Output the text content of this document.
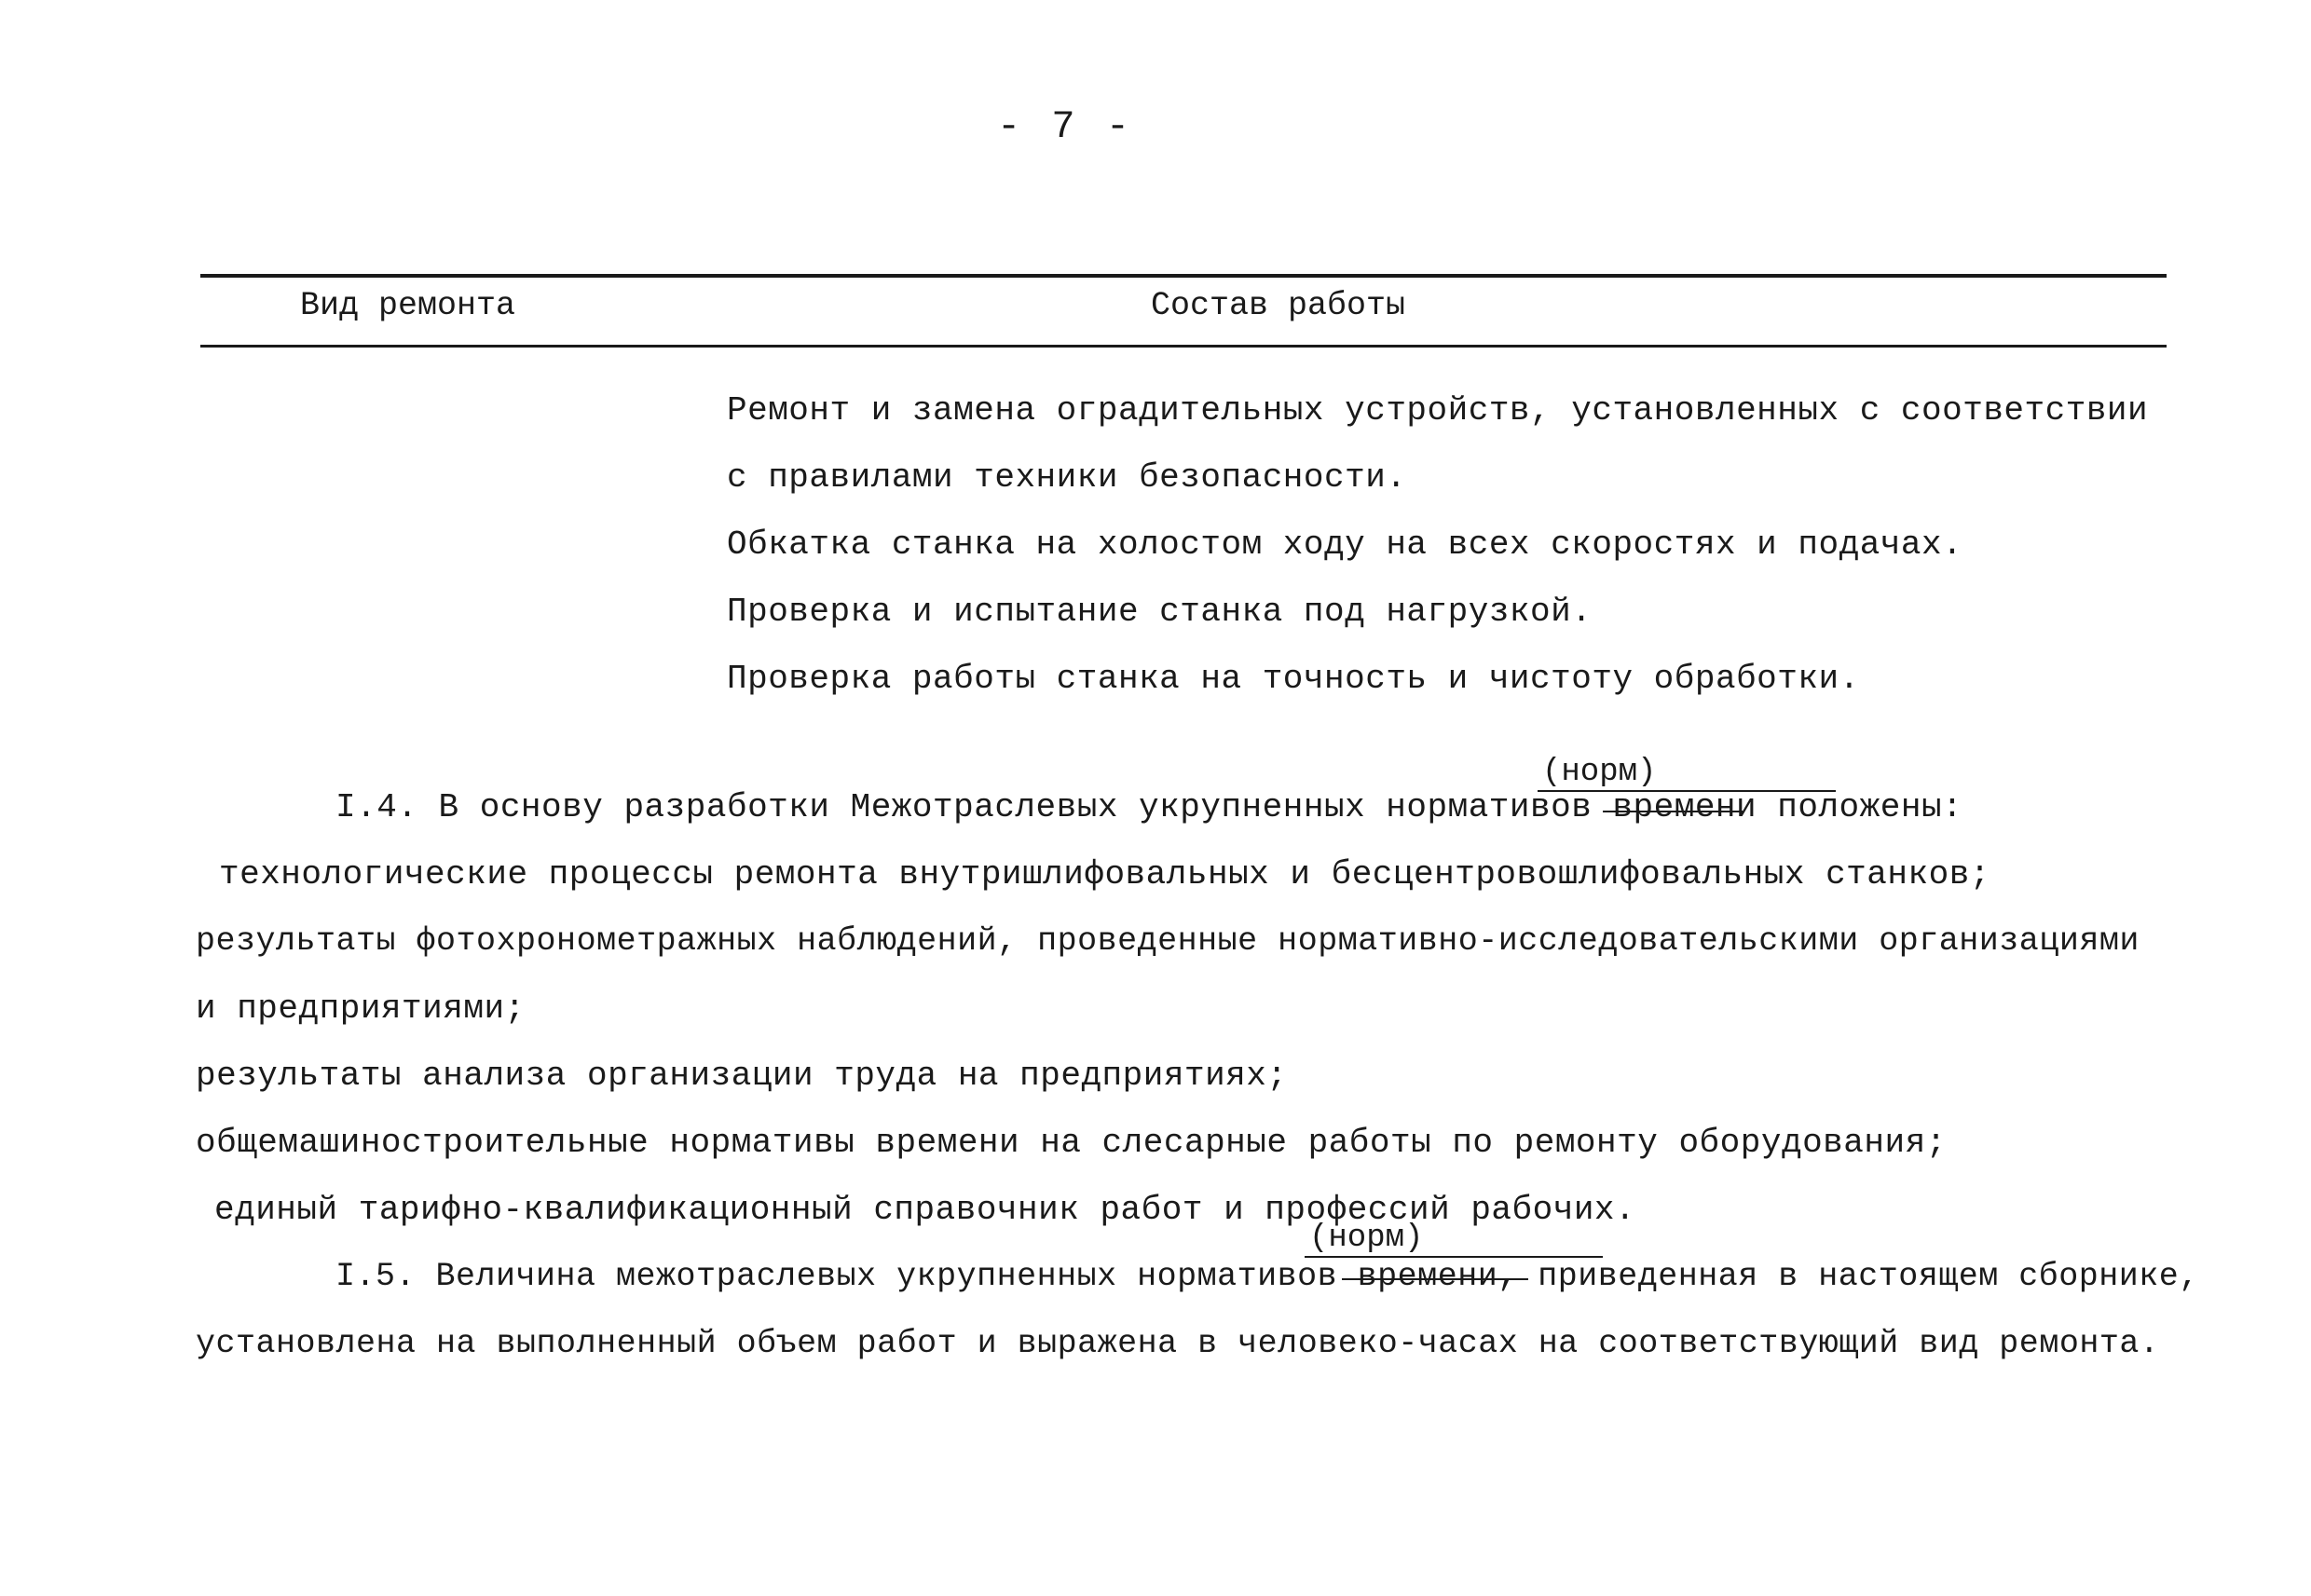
- 7 -
Вид ремонта	Состав работы
Ремонт и замена оградительных устройств, установленных с соответствии
с правилами техники безопасности.
Обкатка станка на холостом ходу на всех скоростях и подачах.
Проверка и испытание станка под нагрузкой.
Проверка работы станка на точность и чистоту обработки.
(норм)
I.4. В основу разработки Межотраслевых укрупненных нормативов времени положены:
технологические процессы ремонта внутришлифовальных и бесцентровошлифовальных станков;
результаты фотохронометражных наблюдений, проведенные нормативно-исследовательскими организациями
и предприятиями;
результаты анализа организации труда на предприятиях;
общемашиностроительные нормативы времени на слесарные работы по ремонту оборудования;
единый тарифно-квалификационный справочник работ и профессий рабочих.
(норм)
I.5. Величина межотраслевых укрупненных нормативов времени, приведенная в настоящем сборнике,
установлена на выполненный объем работ и выражена в человеко-часах на соответствующий вид ремонта.
